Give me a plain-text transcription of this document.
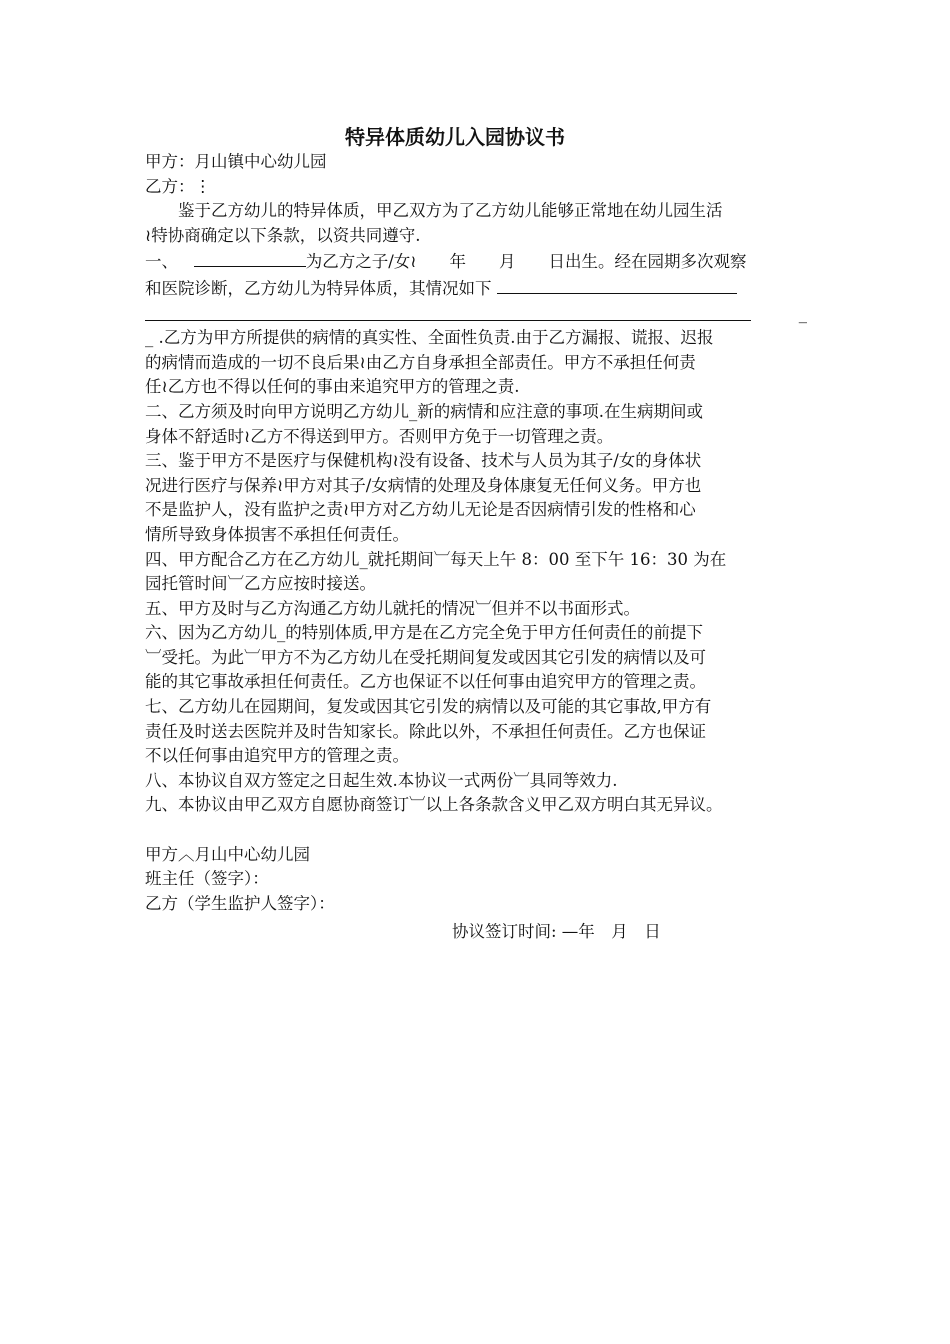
特异体质幼儿入园协议书

甲方：月山镇中心幼儿园

乙方：⋮

鉴于乙方幼儿的特异体质，甲乙双方为了乙方幼儿能够正常地在幼儿园生活

≀特协商确定以下条款，以资共同遵守.

一、	为乙方之子/女≀　　年　　月　　日出生。经在园期多次观察

和医院诊断，乙方幼儿为特异体质，其情况如下

_

_ .乙方为甲方所提供的病情的真实性、全面性负责.由于乙方漏报、谎报、迟报

的病情而造成的一切不良后果≀由乙方自身承担全部责任。甲方不承担任何责

任≀乙方也不得以任何的事由来追究甲方的管理之责.

二、乙方须及时向甲方说明乙方幼儿_新的病情和应注意的事项.在生病期间或

身体不舒适时≀乙方不得送到甲方。否则甲方免于一切管理之责。

三、鉴于甲方不是医疗与保健机构≀没有设备、技术与人员为其子/女的身体状

况进行医疗与保养≀甲方对其子/女病情的处理及身体康复无任何义务。甲方也

不是监护人，没有监护之责≀甲方对乙方幼儿无论是否因病情引发的性格和心

情所导致身体损害不承担任何责任。

四、甲方配合乙方在乙方幼儿_就托期间︺每天上午 8：00 至下午 16：30 为在

园托管时间︺乙方应按时接送。

五、甲方及时与乙方沟通乙方幼儿就托的情况︺但并不以书面形式。

六、因为乙方幼儿_的特别体质,甲方是在乙方完全免于甲方任何责任的前提下

︺受托。为此︺甲方不为乙方幼儿在受托期间复发或因其它引发的病情以及可

能的其它事故承担任何责任。乙方也保证不以任何事由追究甲方的管理之责。

七、乙方幼儿在园期间，复发或因其它引发的病情以及可能的其它事故,甲方有

责任及时送去医院并及时告知家长。除此以外，不承担任何责任。乙方也保证

不以任何事由追究甲方的管理之责。

八、本协议自双方签定之日起生效.本协议一式两份︺具同等效力.

九、本协议由甲乙双方自愿协商签订︺以上各条款含义甲乙双方明白其无异议。

甲方︿月山中心幼儿园

班主任（签字）：

乙方（学生监护人签字）：

协议签订时间: —年　月　日
